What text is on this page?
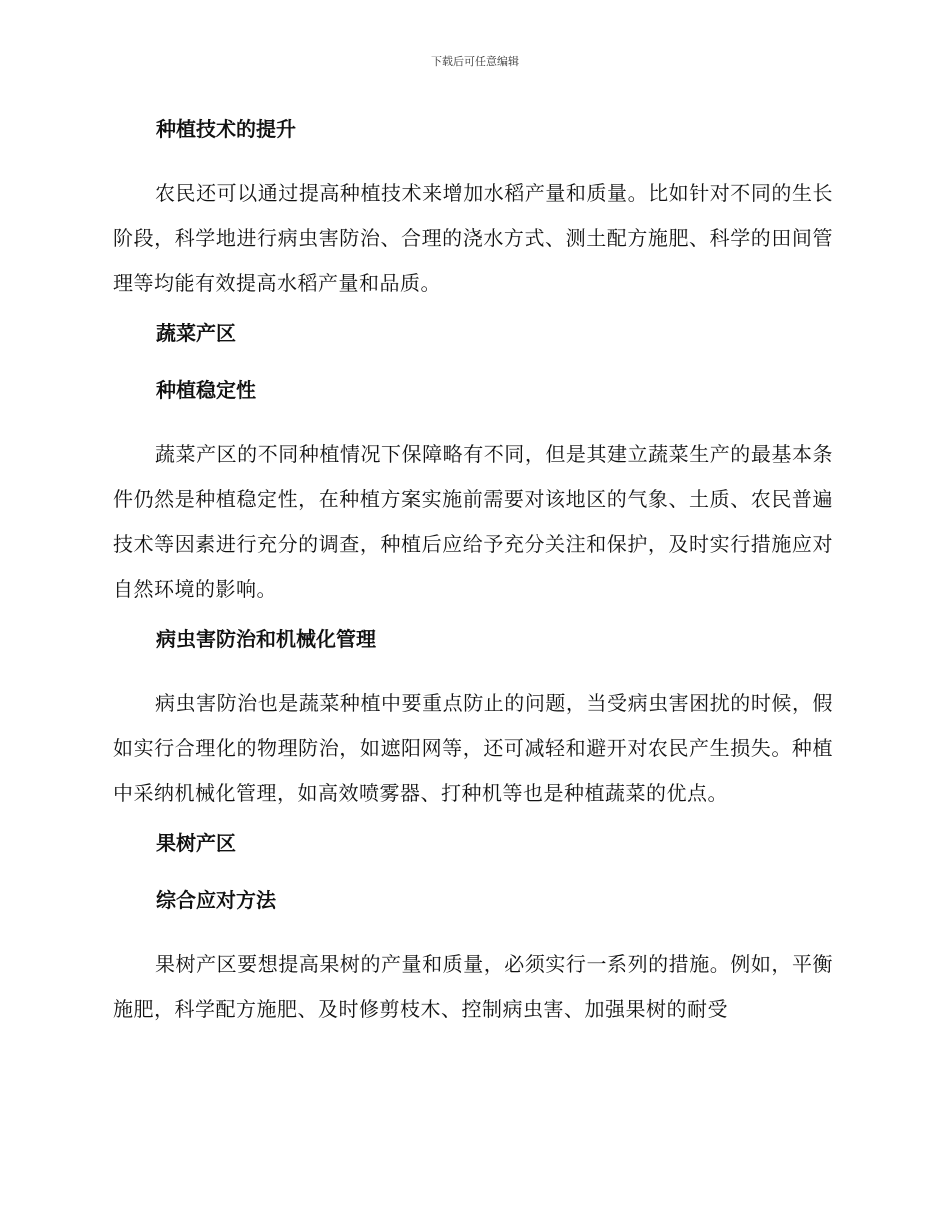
下载后可任意编辑
种植技术的提升

农民还可以通过提高种植技术来增加水稻产量和质量。比如针对不同的生长阶段，科学地进行病虫害防治、合理的浇水方式、测土配方施肥、科学的田间管理等均能有效提高水稻产量和品质。

蔬菜产区
种植稳定性

蔬菜产区的不同种植情况下保障略有不同，但是其建立蔬菜生产的最基本条件仍然是种植稳定性，在种植方案实施前需要对该地区的气象、土质、农民普遍技术等因素进行充分的调查，种植后应给予充分关注和保护，及时实行措施应对自然环境的影响。

病虫害防治和机械化管理

病虫害防治也是蔬菜种植中要重点防止的问题，当受病虫害困扰的时候，假如实行合理化的物理防治，如遮阳网等，还可减轻和避开对农民产生损失。种植中采纳机械化管理，如高效喷雾器、打种机等也是种植蔬菜的优点。

果树产区
综合应对方法

果树产区要想提高果树的产量和质量，必须实行一系列的措施。例如，平衡施肥，科学配方施肥、及时修剪枝木、控制病虫害、加强果树的耐受
